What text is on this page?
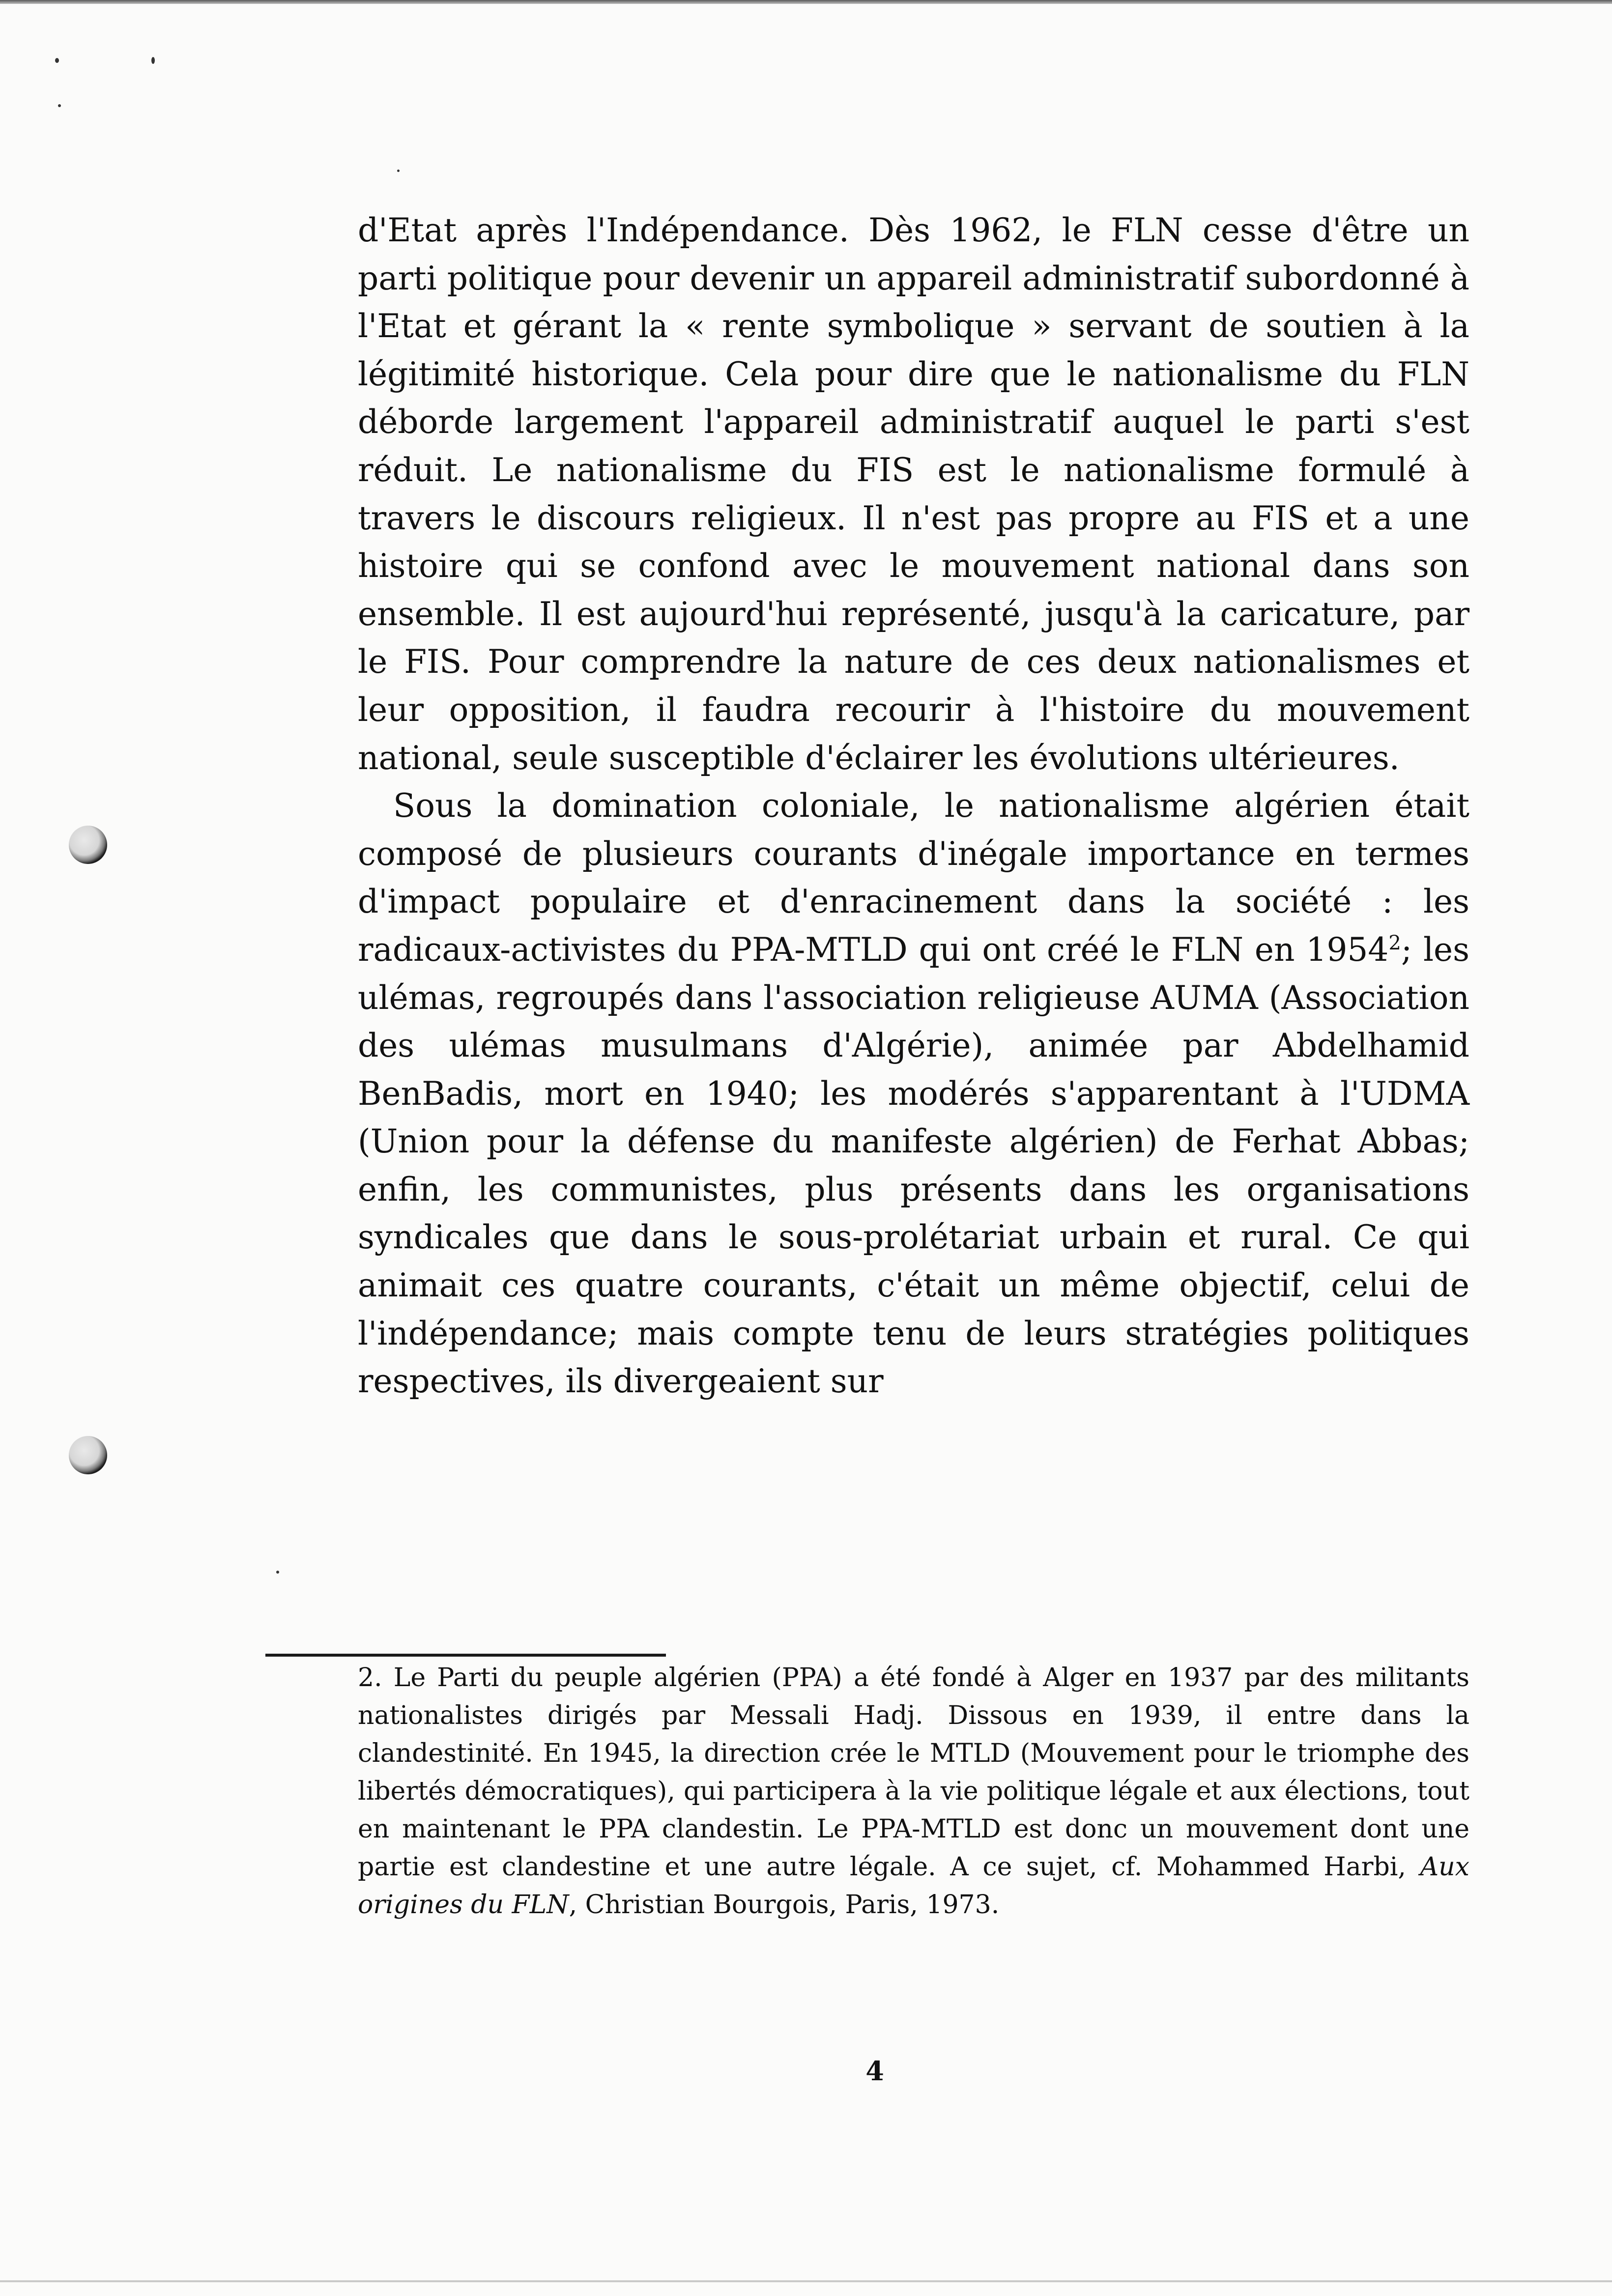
d'Etat après l'Indépendance. Dès 1962, le FLN cesse d'être un parti politique pour devenir un appareil administratif subordonné à l'Etat et gérant la « rente symbolique » servant de soutien à la légitimité historique. Cela pour dire que le nationalisme du FLN déborde largement l'appareil administratif auquel le parti s'est réduit. Le nationalisme du FIS est le nationalisme formulé à travers le discours religieux. Il n'est pas propre au FIS et a une histoire qui se confond avec le mouvement national dans son ensemble. Il est aujourd'hui représenté, jusqu'à la caricature, par le FIS. Pour comprendre la nature de ces deux nationalismes et leur opposition, il faudra recourir à l'histoire du mouvement national, seule susceptible d'éclairer les évolutions ultérieures.

Sous la domination coloniale, le nationalisme algérien était composé de plusieurs courants d'inégale importance en termes d'impact populaire et d'enracinement dans la société : les radicaux-activistes du PPA-MTLD qui ont créé le FLN en 1954$^2$; les ulémas, regroupés dans l'association religieuse AUMA (Association des ulémas musulmans d'Algérie), animée par Abdelhamid BenBadis, mort en 1940; les modérés s'apparentant à l'UDMA (Union pour la défense du manifeste algérien) de Ferhat Abbas; enfin, les communistes, plus présents dans les organisations syndicales que dans le sous-prolétariat urbain et rural. Ce qui animait ces quatre courants, c'était un même objectif, celui de l'indépendance; mais compte tenu de leurs stratégies politiques respectives, ils divergeaient sur

2. Le Parti du peuple algérien (PPA) a été fondé à Alger en 1937 par des militants nationalistes dirigés par Messali Hadj. Dissous en 1939, il entre dans la clandestinité. En 1945, la direction crée le MTLD (Mouvement pour le triomphe des libertés démocratiques), qui participera à la vie politique légale et aux élections, tout en maintenant le PPA clandestin. Le PPA-MTLD est donc un mouvement dont une partie est clandestine et une autre légale. A ce sujet, cf. Mohammed Harbi, Aux origines du FLN, Christian Bourgois, Paris, 1973.

4
